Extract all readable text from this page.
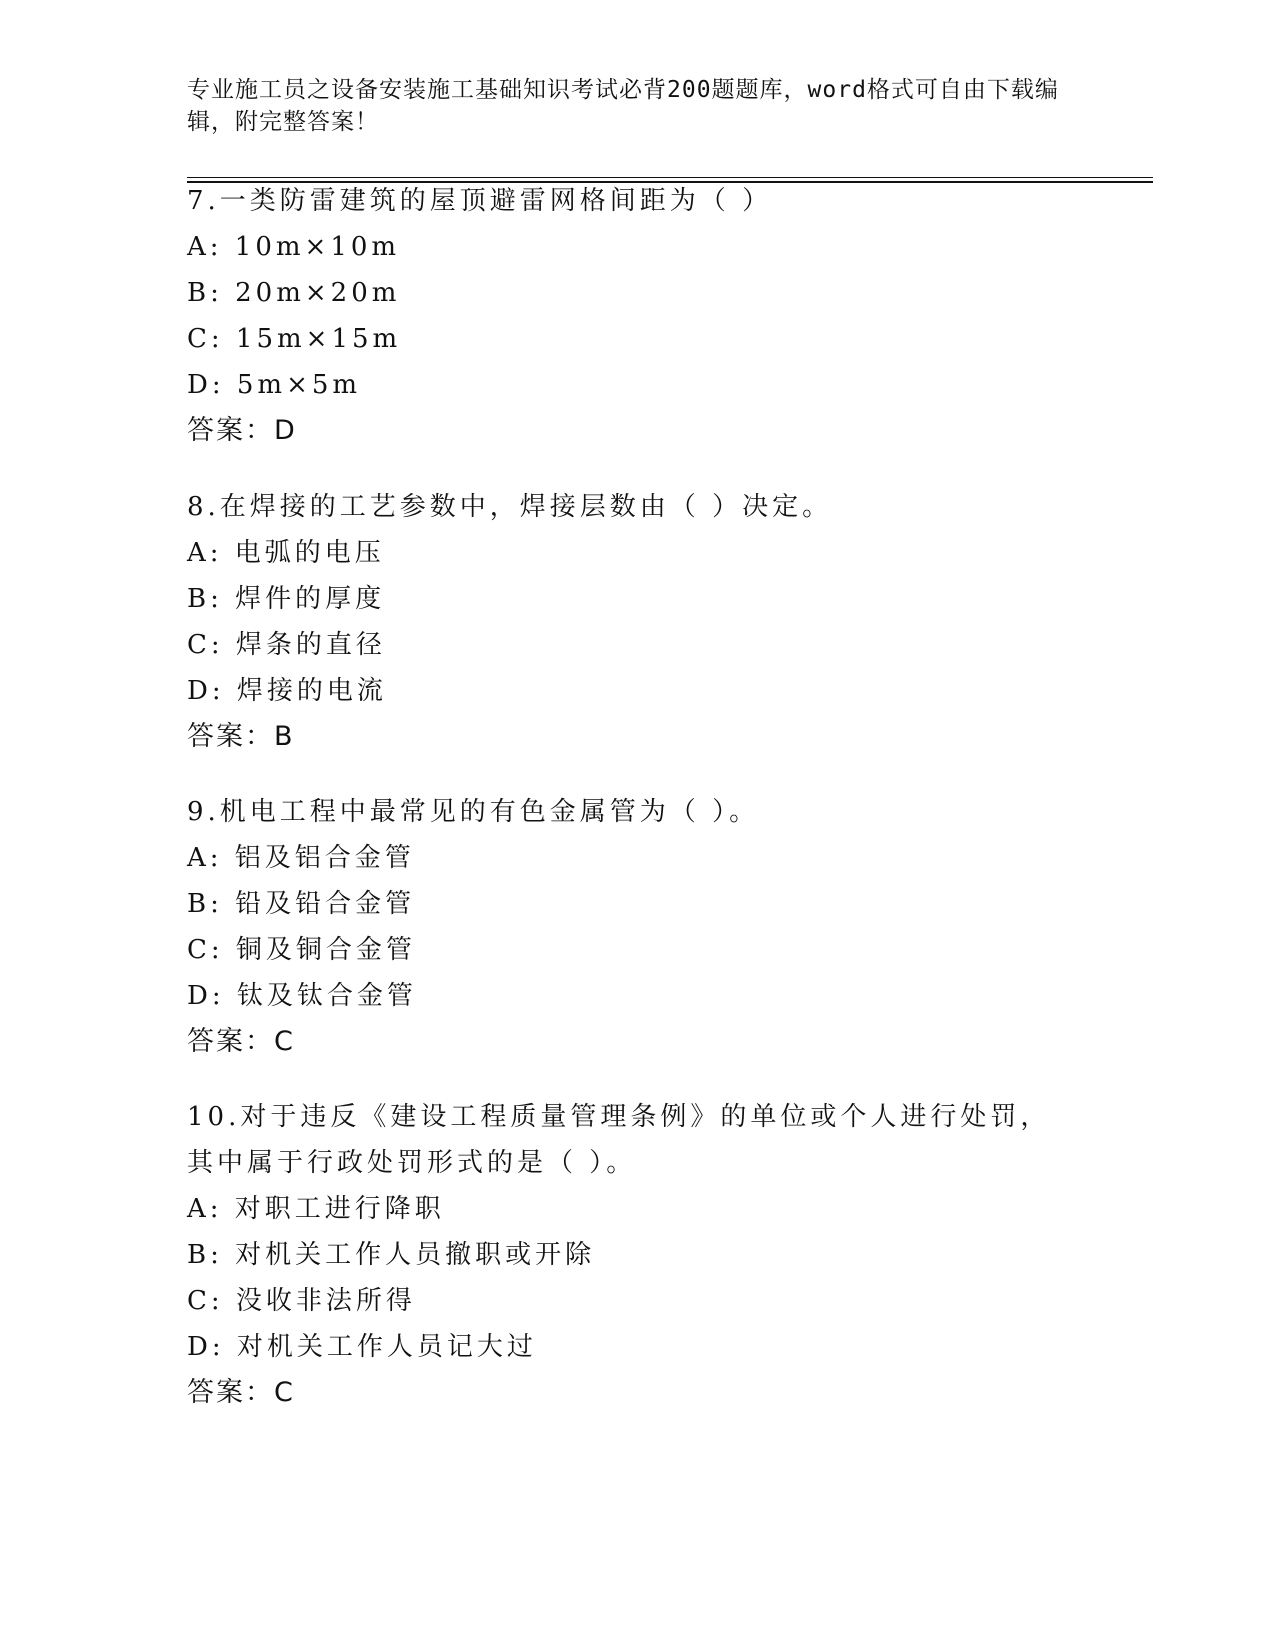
专业施工员之设备安装施工基础知识考试必背200题题库，word格式可自由下载编辑，附完整答案！

7.一类防雷建筑的屋顶避雷网格间距为（ ）

A: 10m×10m
B: 20m×20m
C: 15m×15m
D: 5m×5m
答案：D

8.在焊接的工艺参数中，焊接层数由（ ）决定。

A: 电弧的电压
B: 焊件的厚度
C: 焊条的直径
D: 焊接的电流
答案：B

9.机电工程中最常见的有色金属管为（ ）。

A: 铝及铝合金管
B: 铅及铅合金管
C: 铜及铜合金管
D: 钛及钛合金管
答案：C

10.对于违反《建设工程质量管理条例》的单位或个人进行处罚，其中属于行政处罚形式的是（ ）。

A: 对职工进行降职
B: 对机关工作人员撤职或开除
C: 没收非法所得
D: 对机关工作人员记大过
答案：C
